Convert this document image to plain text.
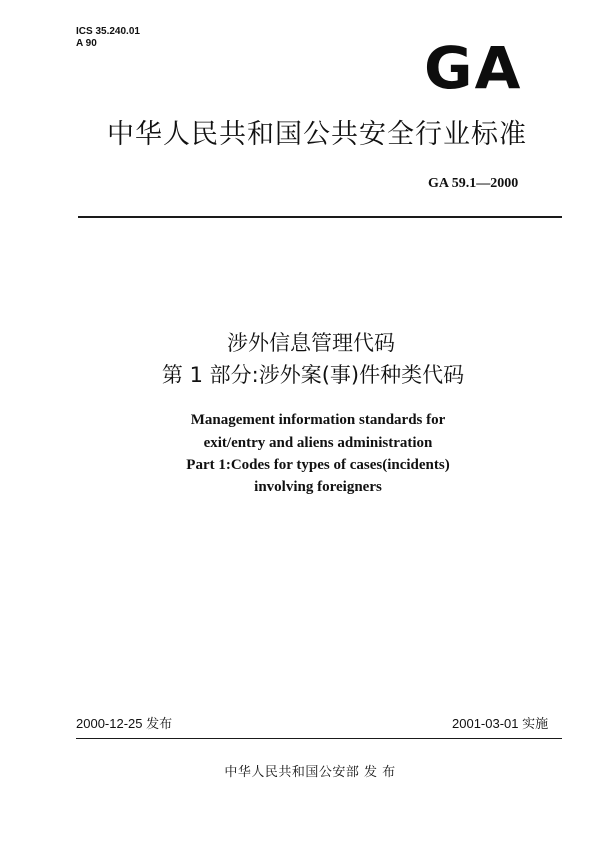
ICS 35.240.01
A 90	GA
中华人民共和国公共安全行业标准
GA 59.1—2000
涉外信息管理代码
第 1 部分:涉外案(事)件种类代码
Management information standards for
exit/entry and aliens administration
Part 1:Codes for types of cases(incidents)
involving foreigners
2000-12-25 发布	2001-03-01 实施
中华人民共和国公安部 发 布
